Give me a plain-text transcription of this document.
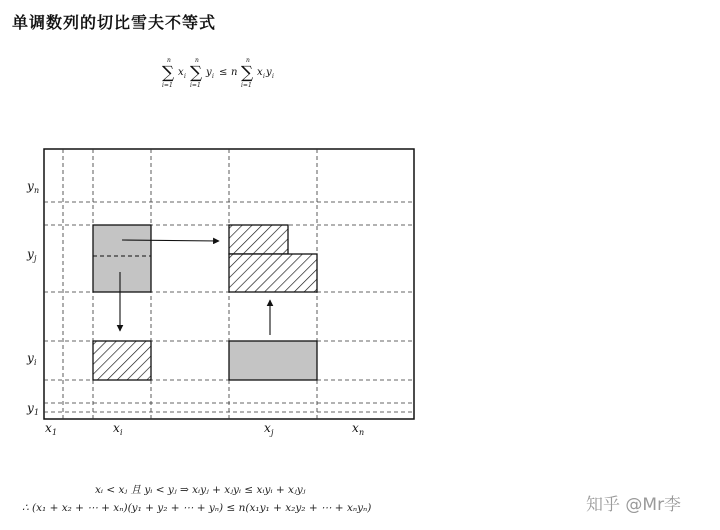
单调数列的切比雪夫不等式
n
∑
i=1
x i
n
∑
i=1
y i ≤ n
n
∑
i=1
x i y i
y n
y j
y i
y 1
x 1	x i	x j	x n
xᵢ < xⱼ 且 yᵢ < yⱼ ⇒ xᵢyⱼ + xⱼyᵢ ≤ xᵢyᵢ + xⱼyⱼ
∴ (x₁ + x₂ + ⋯ + xₙ)(y₁ + y₂ + ⋯ + yₙ) ≤ n(x₁y₁ + x₂y₂ + ⋯ + xₙyₙ)	知乎 @Mr李
